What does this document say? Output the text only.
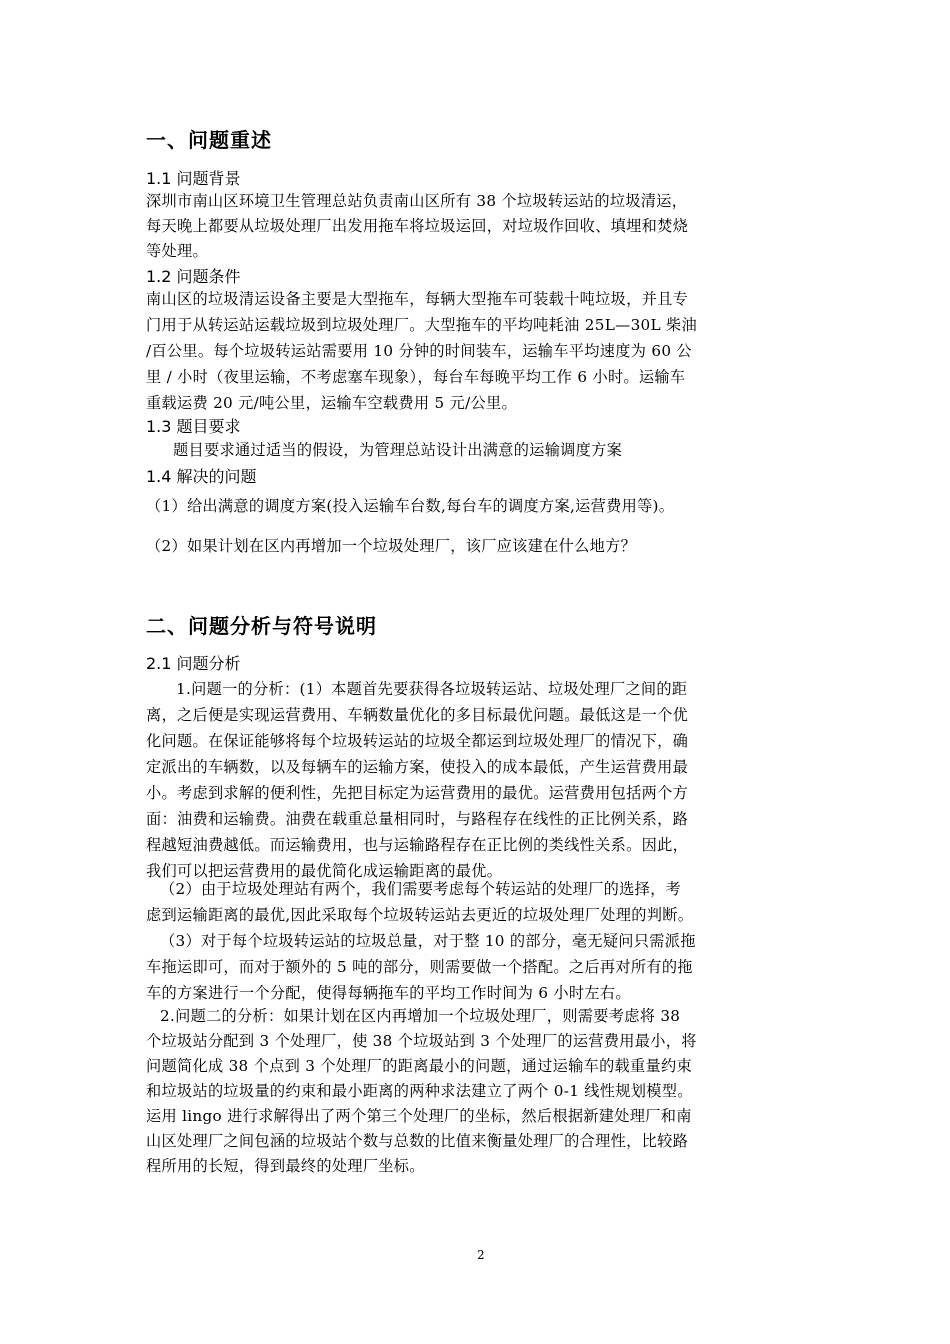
一、问题重述
1.1 问题背景
深圳市南山区环境卫生管理总站负责南山区所有 38 个垃圾转运站的垃圾清运，
每天晚上都要从垃圾处理厂出发用拖车将垃圾运回，对垃圾作回收、填埋和焚烧
等处理。
1.2 问题条件
南山区的垃圾清运设备主要是大型拖车，每辆大型拖车可装载十吨垃圾，并且专
门用于从转运站运载垃圾到垃圾处理厂。大型拖车的平均吨耗油 25L—30L 柴油
/百公里。每个垃圾转运站需要用 10 分钟的时间装车，运输车平均速度为 60 公
里 / 小时（夜里运输，不考虑塞车现象），每台车每晚平均工作 6 小时。运输车
重载运费 20 元/吨公里，运输车空载费用 5 元/公里。
1.3 题目要求
题目要求通过适当的假设，为管理总站设计出满意的运输调度方案
1.4 解决的问题
（1）给出满意的调度方案(投入运输车台数,每台车的调度方案,运营费用等)。
（2）如果计划在区内再增加一个垃圾处理厂，该厂应该建在什么地方？
二、问题分析与符号说明
2.1 问题分析
1.问题一的分析：(1）本题首先要获得各垃圾转运站、垃圾处理厂之间的距
离，之后便是实现运营费用、车辆数量优化的多目标最优问题。最低这是一个优
化问题。在保证能够将每个垃圾转运站的垃圾全都运到垃圾处理厂的情况下，确
定派出的车辆数，以及每辆车的运输方案，使投入的成本最低，产生运营费用最
小。考虑到求解的便利性，先把目标定为运营费用的最优。运营费用包括两个方
面：油费和运输费。油费在载重总量相同时，与路程存在线性的正比例关系，路
程越短油费越低。而运输费用，也与运输路程存在正比例的类线性关系。因此，
我们可以把运营费用的最优简化成运输距离的最优。
（2）由于垃圾处理站有两个，我们需要考虑每个转运站的处理厂的选择，考
虑到运输距离的最优,因此采取每个垃圾转运站去更近的垃圾处理厂处理的判断。
（3）对于每个垃圾转运站的垃圾总量，对于整 10 的部分，毫无疑问只需派拖
车拖运即可，而对于额外的 5 吨的部分，则需要做一个搭配。之后再对所有的拖
车的方案进行一个分配，使得每辆拖车的平均工作时间为 6 小时左右。
2.问题二的分析：如果计划在区内再增加一个垃圾处理厂，则需要考虑将 38
个垃圾站分配到 3 个处理厂，使 38 个垃圾站到 3 个处理厂的运营费用最小，将
问题简化成 38 个点到 3 个处理厂的距离最小的问题，通过运输车的载重量约束
和垃圾站的垃圾量的约束和最小距离的两种求法建立了两个 0-1 线性规划模型。
运用 lingo 进行求解得出了两个第三个处理厂的坐标，然后根据新建处理厂和南
山区处理厂之间包涵的垃圾站个数与总数的比值来衡量处理厂的合理性，比较路
程所用的长短，得到最终的处理厂坐标。
2
